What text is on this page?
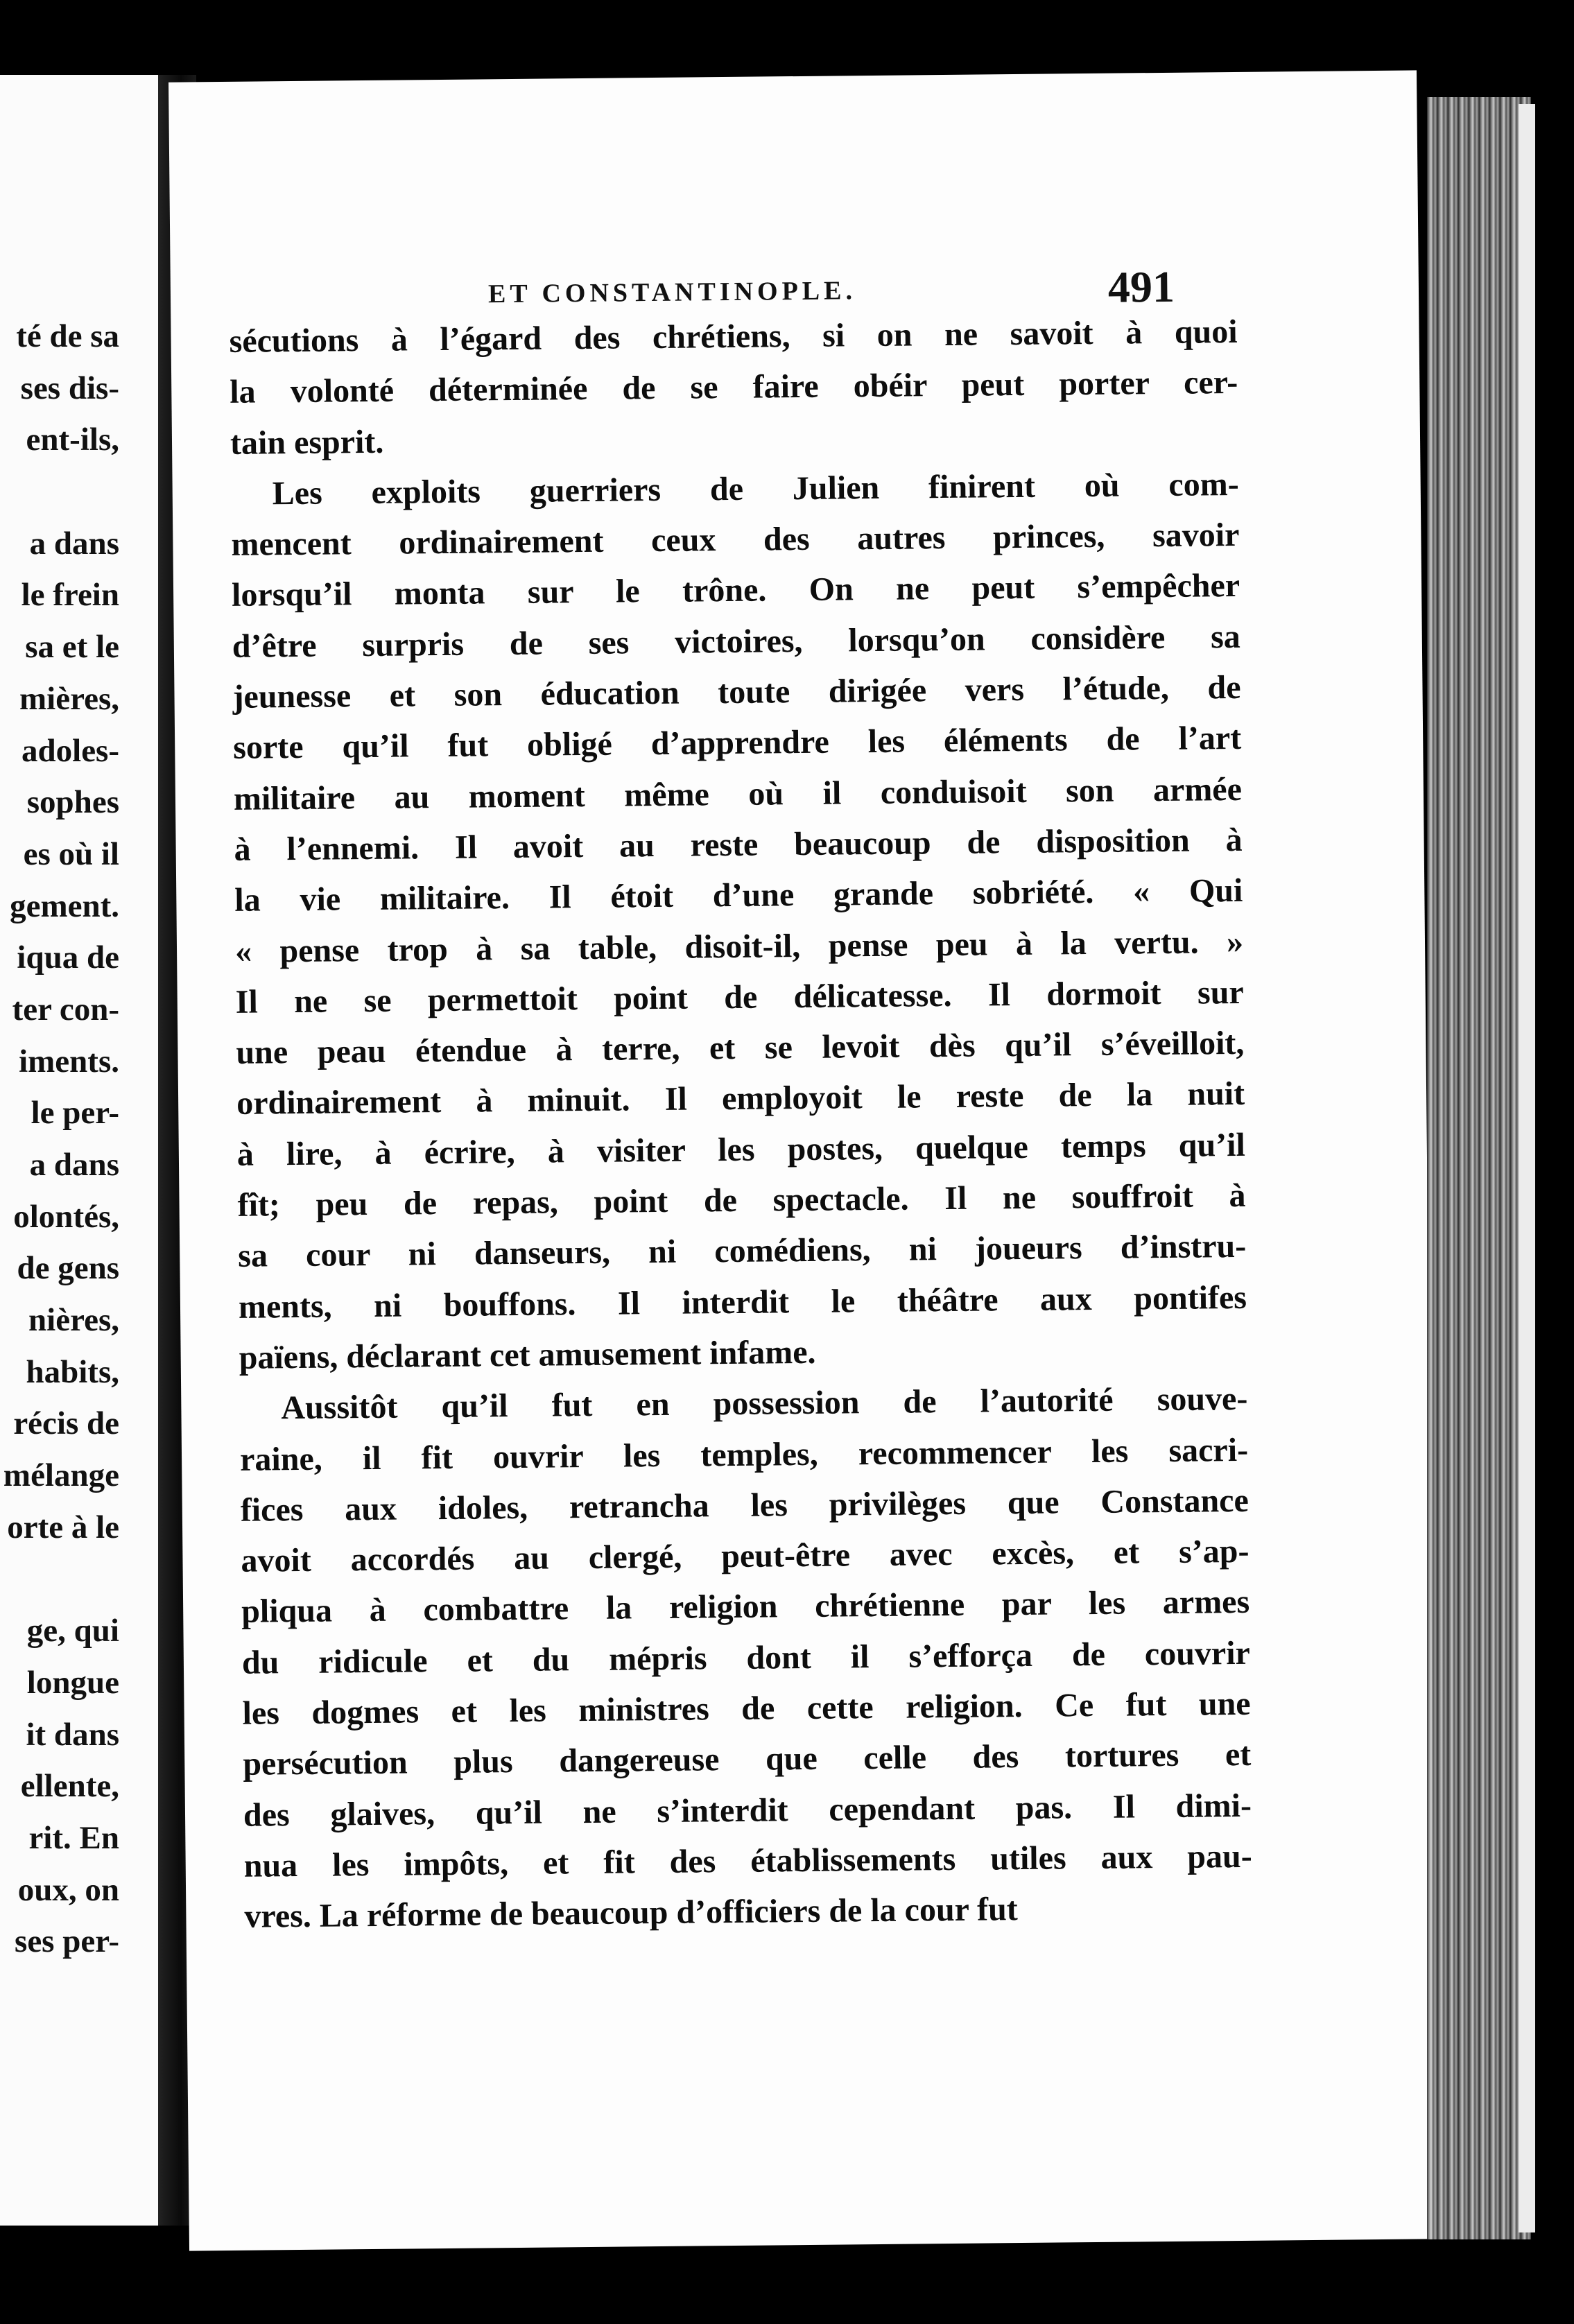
té de sa
ses dis-
ent-ils,
a dans
le frein
sa et le
mières,
adoles-
sophes
es où il
gement.
iqua de
ter con-
iments.
le per-
a dans
olontés,
de gens
nières,
habits,
récis de
mélange
orte à le
ge, qui
longue
it dans
ellente,
rit. En
oux, on
ses per-
ET CONSTANTINOPLE.	491
sécutions à l’égard des chrétiens, si on ne savoit à quoi
la volonté déterminée de se faire obéir peut porter cer-
tain esprit.
Les exploits guerriers de Julien finirent où com-
mencent ordinairement ceux des autres princes, savoir
lorsqu’il monta sur le trône. On ne peut s’empêcher
d’être surpris de ses victoires, lorsqu’on considère sa
jeunesse et son éducation toute dirigée vers l’étude, de
sorte qu’il fut obligé d’apprendre les éléments de l’art
militaire au moment même où il conduisoit son armée
à l’ennemi. Il avoit au reste beaucoup de disposition à
la vie militaire. Il étoit d’une grande sobriété. « Qui
« pense trop à sa table, disoit-il, pense peu à la vertu. »
Il ne se permettoit point de délicatesse. Il dormoit sur
une peau étendue à terre, et se levoit dès qu’il s’éveilloit,
ordinairement à minuit. Il employoit le reste de la nuit
à lire, à écrire, à visiter les postes, quelque temps qu’il
fît; peu de repas, point de spectacle. Il ne souffroit à
sa cour ni danseurs, ni comédiens, ni joueurs d’instru-
ments, ni bouffons. Il interdit le théâtre aux pontifes
païens, déclarant cet amusement infame.
Aussitôt qu’il fut en possession de l’autorité souve-
raine, il fit ouvrir les temples, recommencer les sacri-
fices aux idoles, retrancha les privilèges que Constance
avoit accordés au clergé, peut-être avec excès, et s’ap-
pliqua à combattre la religion chrétienne par les armes
du ridicule et du mépris dont il s’efforça de couvrir
les dogmes et les ministres de cette religion. Ce fut une
persécution plus dangereuse que celle des tortures et
des glaives, qu’il ne s’interdit cependant pas. Il dimi-
nua les impôts, et fit des établissements utiles aux pau-
vres. La réforme de beaucoup d’officiers de la cour fut
